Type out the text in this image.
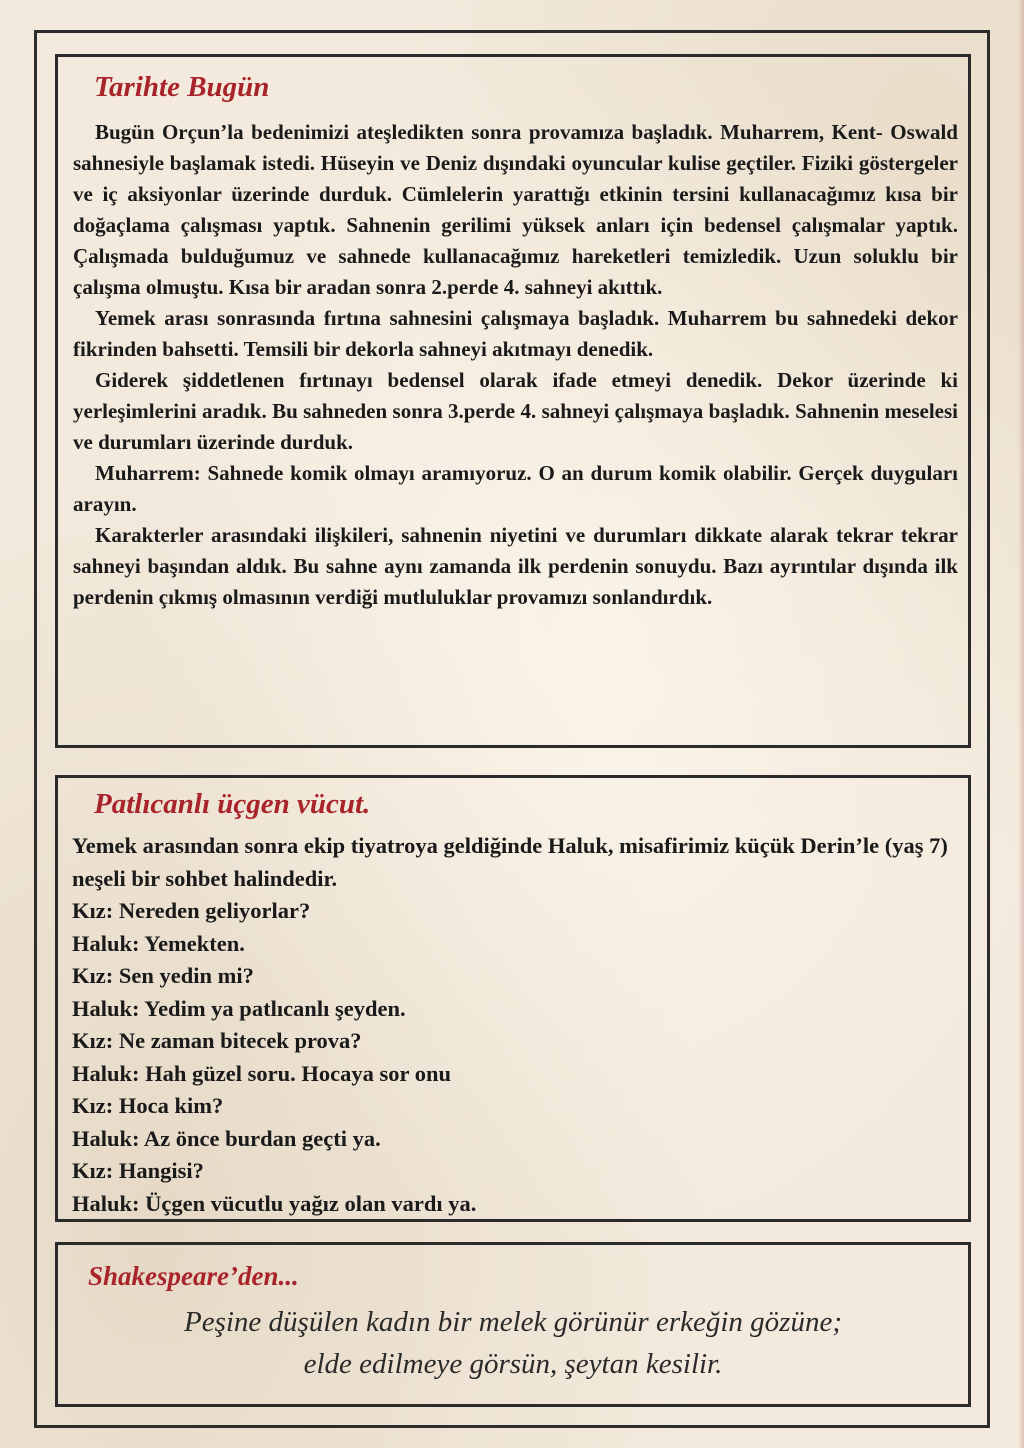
Tarihte Bugün

Bugün Orçun’la bedenimizi ateşledikten sonra provamıza başladık. Muharrem, Kent- Oswald sahnesiyle başlamak istedi. Hüseyin ve Deniz dışındaki oyuncular kulise geçtiler. Fiziki göstergeler ve iç aksiyonlar üzerinde durduk. Cümlelerin yarattığı etkinin tersini kullanacağımız kısa bir doğaçlama çalışması yaptık. Sahnenin gerilimi yüksek anları için bedensel çalışmalar yaptık. Çalışmada bulduğumuz ve sahnede kullanacağımız hareketleri temizledik. Uzun soluklu bir çalışma olmuştu. Kısa bir aradan sonra 2.perde 4. sahneyi akıttık.

Yemek arası sonrasında fırtına sahnesini çalışmaya başladık. Muharrem bu sahnedeki dekor fikrinden bahsetti. Temsili bir dekorla sahneyi akıtmayı denedik.

Giderek şiddetlenen fırtınayı bedensel olarak ifade etmeyi denedik. Dekor üzerinde ki yerleşimlerini aradık. Bu sahneden sonra 3.perde 4. sahneyi çalışmaya başladık. Sahnenin meselesi ve durumları üzerinde durduk.

Muharrem: Sahnede komik olmayı aramıyoruz. O an durum komik olabilir. Gerçek duyguları arayın.

Karakterler arasındaki ilişkileri, sahnenin niyetini ve durumları dikkate alarak tekrar tekrar sahneyi başından aldık. Bu sahne aynı zamanda ilk perdenin sonuydu. Bazı ayrıntılar dışında ilk perdenin çıkmış olmasının verdiği mutluluklar provamızı sonlandırdık.

Patlıcanlı üçgen vücut.

Yemek arasından sonra ekip tiyatroya geldiğinde Haluk, misafirimiz küçük Derin’le (yaş 7) neşeli bir sohbet halindedir.

Kız: Nereden geliyorlar?

Haluk: Yemekten.

Kız: Sen yedin mi?

Haluk: Yedim ya patlıcanlı şeyden.

Kız: Ne zaman bitecek prova?

Haluk: Hah güzel soru. Hocaya sor onu

Kız: Hoca kim?

Haluk: Az önce burdan geçti ya.

Kız: Hangisi?

Haluk: Üçgen vücutlu yağız olan vardı ya.

Shakespeare’den...
Peşine düşülen kadın bir melek görünür erkeğin gözüne;
elde edilmeye görsün, şeytan kesilir.
